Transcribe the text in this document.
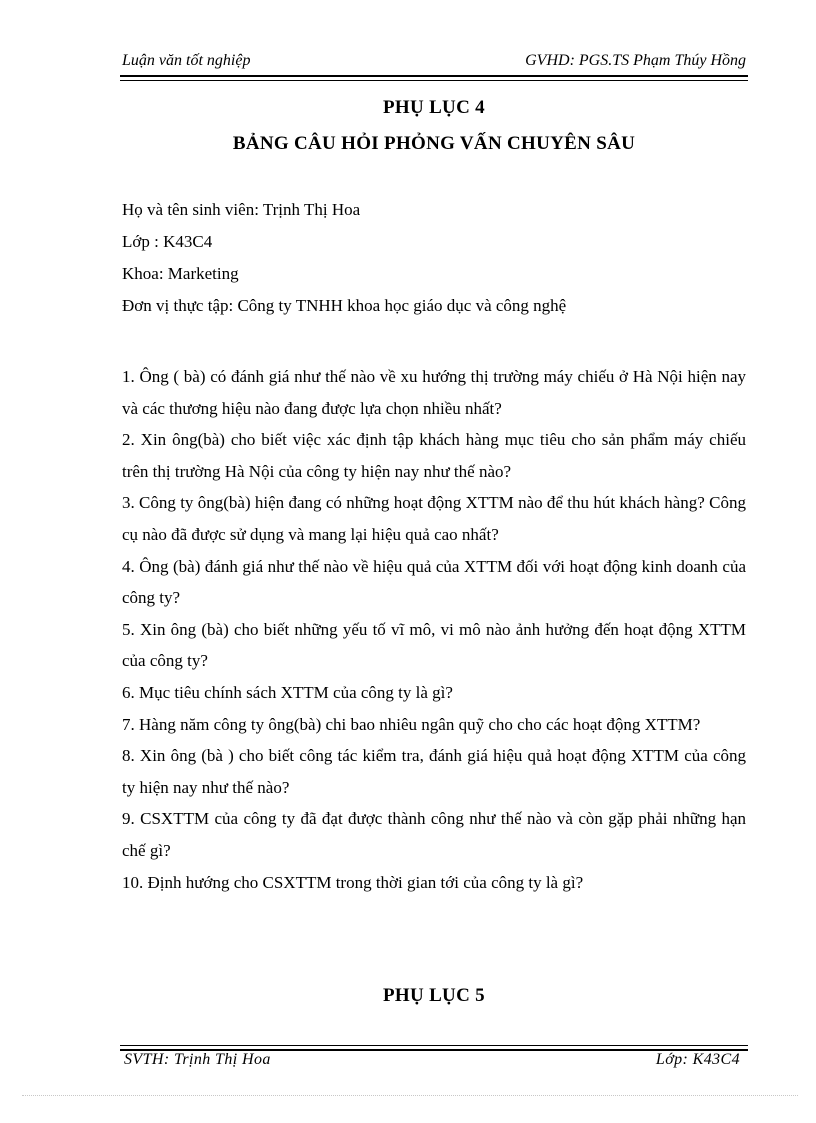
Luận văn tốt nghiệp	GVHD: PGS.TS Phạm Thúy Hồng
PHỤ LỤC 4
BẢNG CÂU HỎI PHỎNG VẤN CHUYÊN SÂU
Họ và tên sinh viên: Trịnh Thị Hoa
Lớp : K43C4
Khoa: Marketing
Đơn vị thực tập: Công ty TNHH khoa học giáo dục và công nghệ

1. Ông ( bà) có đánh giá như thế nào về xu hướng thị trường máy chiếu ở Hà Nội hiện nay và các thương hiệu nào đang được lựa chọn nhiều nhất?

2. Xin ông(bà) cho biết việc xác định tập khách hàng mục tiêu cho sản phẩm máy chiếu trên thị trường Hà Nội của công ty hiện nay như thế nào?

3. Công ty ông(bà) hiện đang có những hoạt động XTTM nào để thu hút khách hàng? Công cụ nào đã được sử dụng và mang lại hiệu quả cao nhất?

4. Ông (bà) đánh giá như thế nào về hiệu quả của XTTM đối với hoạt động kinh doanh của công ty?

5. Xin ông (bà) cho biết những yếu tố vĩ mô, vi mô nào ảnh hưởng đến hoạt động XTTM của công ty?

6. Mục tiêu chính sách XTTM của công ty là gì?

7. Hàng năm công ty ông(bà) chi bao nhiêu ngân quỹ cho cho các hoạt động XTTM?

8. Xin ông (bà ) cho biết công tác kiểm tra, đánh giá hiệu quả hoạt động XTTM của công ty hiện nay như thế nào?

9. CSXTTM của công ty đã đạt được thành công như thế nào và còn gặp phải những hạn chế gì?

10. Định hướng cho CSXTTM trong thời gian tới của công ty là gì?

PHỤ LỤC 5
SVTH: Trịnh Thị Hoa	Lớp: K43C4
